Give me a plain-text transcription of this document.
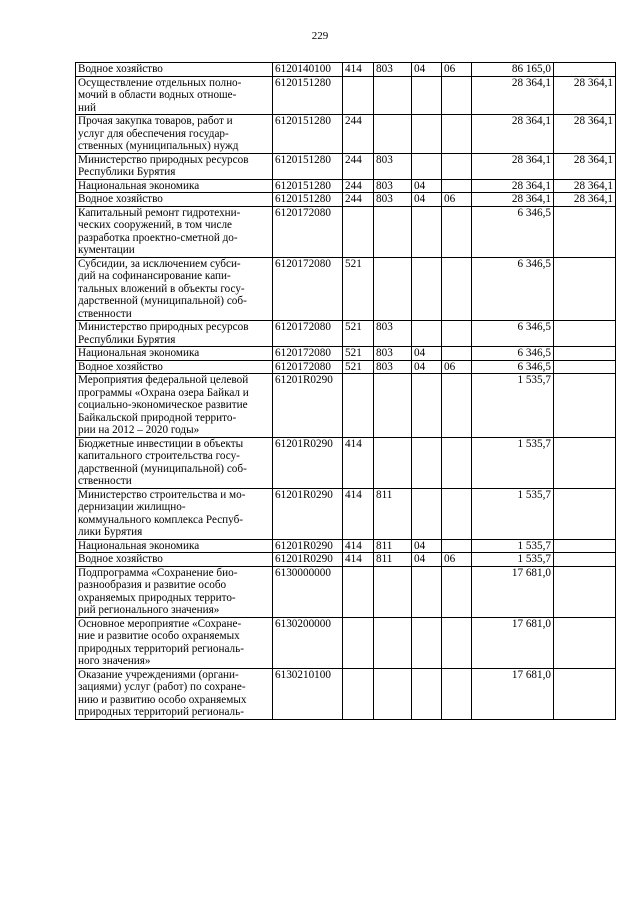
229
Водное хозяйство	6120140100	414	803	04	06	86 165,0	
Осуществление отдельных полно-
мочий в области водных отноше-
ний	6120151280					28 364,1	28 364,1
Прочая закупка товаров, работ и
услуг для обеспечения государ-
ственных (муниципальных) нужд	6120151280	244				28 364,1	28 364,1
Министерство природных ресурсов
Республики Бурятия	6120151280	244	803			28 364,1	28 364,1
Национальная экономика	6120151280	244	803	04		28 364,1	28 364,1
Водное хозяйство	6120151280	244	803	04	06	28 364,1	28 364,1
Капитальный ремонт гидротехни-
ческих сооружений, в том числе
разработка проектно-сметной до-
кументации	6120172080					6 346,5	
Субсидии, за исключением субси-
дий на софинансирование капи-
тальных вложений в объекты госу-
дарственной (муниципальной) соб-
ственности	6120172080	521				6 346,5	
Министерство природных ресурсов
Республики Бурятия	6120172080	521	803			6 346,5	
Национальная экономика	6120172080	521	803	04		6 346,5	
Водное хозяйство	6120172080	521	803	04	06	6 346,5	
Мероприятия федеральной целевой
программы «Охрана озера Байкал и
социально-экономическое развитие
Байкальской природной террито-
рии на 2012 – 2020 годы»	61201R0290					1 535,7	
Бюджетные инвестиции в объекты
капитального строительства госу-
дарственной (муниципальной) соб-
ственности	61201R0290	414				1 535,7	
Министерство строительства и мо-
дернизации жилищно-
коммунального комплекса Респуб-
лики Бурятия	61201R0290	414	811			1 535,7	
Национальная экономика	61201R0290	414	811	04		1 535,7	
Водное хозяйство	61201R0290	414	811	04	06	1 535,7	
Подпрограмма «Сохранение био-
разнообразия и развитие особо
охраняемых природных террито-
рий регионального значения»	6130000000					17 681,0	
Основное мероприятие «Сохране-
ние и развитие особо охраняемых
природных территорий региональ-
ного значения»	6130200000					17 681,0	
Оказание учреждениями (органи-
зациями) услуг (работ) по сохране-
нию и развитию особо охраняемых
природных территорий региональ-	6130210100					17 681,0	
